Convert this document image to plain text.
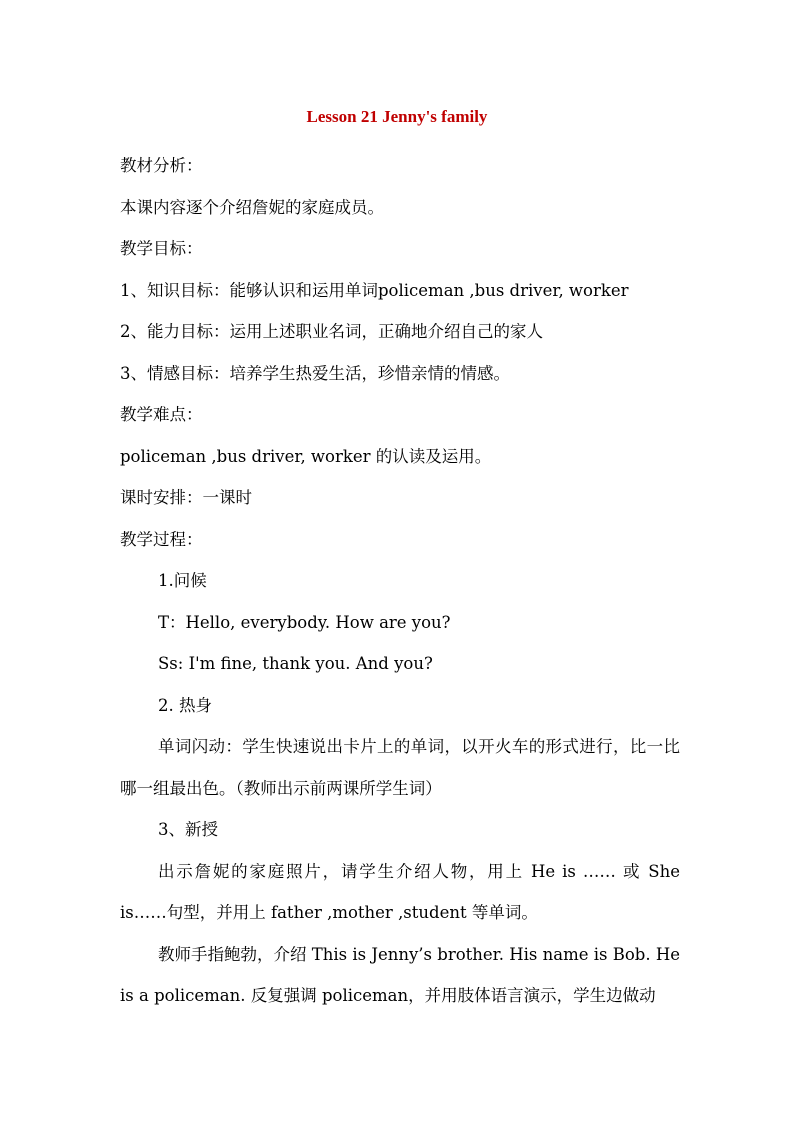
Lesson 21 Jenny's family
教材分析：
本课内容逐个介绍詹妮的家庭成员。
教学目标：
1、知识目标：能够认识和运用单词policeman ,bus driver, worker
2、能力目标：运用上述职业名词，正确地介绍自己的家人
3、情感目标：培养学生热爱生活，珍惜亲情的情感。
教学难点：
policeman ,bus driver, worker 的认读及运用。
课时安排：一课时
教学过程：
1.问候
T：Hello, everybody. How are you?
Ss: I'm fine, thank you. And you?
2. 热身
单词闪动：学生快速说出卡片上的单词，以开火车的形式进行，比一比哪一组最出色。（教师出示前两课所学生词）
3、新授
出示詹妮的家庭照片，请学生介绍人物，用上 He is …… 或 She is……句型，并用上 father ,mother ,student 等单词。
教师手指鲍勃，介绍 This is Jenny’s brother. His name is Bob. He is a policeman. 反复强调 policeman，并用肢体语言演示，学生边做动
